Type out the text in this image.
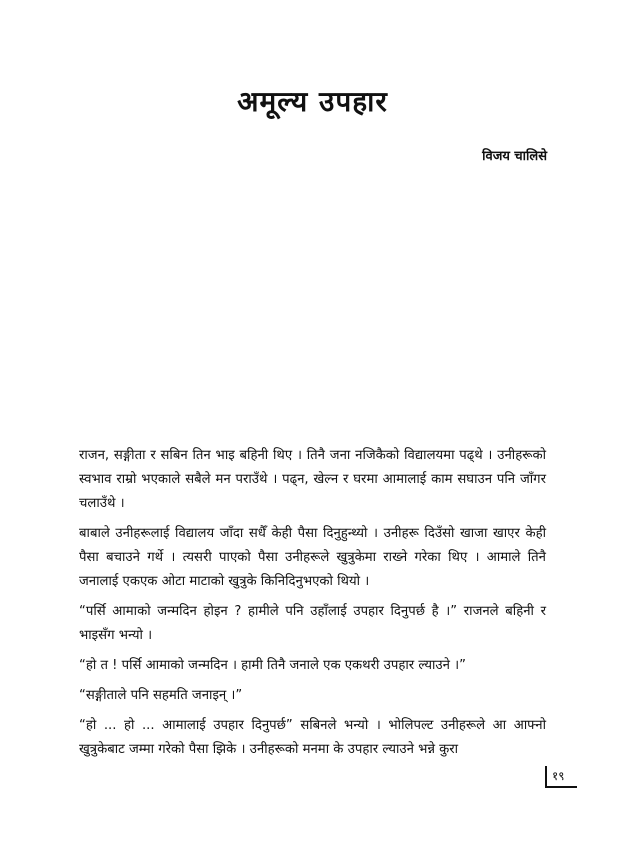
अमूल्य उपहार

विजय चालिसे

राजन, सङ्गीता र सबिन तिन भाइ बहिनी थिए । तिनै जना नजिकैको विद्यालयमा पढ्थे । उनीहरूको स्वभाव राम्रो भएकाले सबैले मन पराउँथे । पढ्न, खेल्न र घरमा आमालाई काम सघाउन पनि जाँगर चलाउँथे ।

बाबाले उनीहरूलाई विद्यालय जाँदा सधैँ केही पैसा दिनुहुन्थ्यो । उनीहरू दिउँसो खाजा खाएर केही पैसा बचाउने गर्थे । त्यसरी पाएको पैसा उनीहरूले खुत्रुकेमा राख्ने गरेका थिए । आमाले तिनै जनालाई एकएक ओटा माटाको खुत्रुके किनिदिनुभएको थियो ।

“पर्सि आमाको जन्मदिन होइन ? हामीले पनि उहाँलाई उपहार दिनुपर्छ है ।” राजनले बहिनी र भाइसँग भन्यो ।

“हो त ! पर्सि आमाको जन्मदिन । हामी तिनै जनाले एक एकथरी उपहार ल्याउने ।”

“सङ्गीताले पनि सहमति जनाइन् ।”

“हो ... हो ... आमालाई उपहार दिनुपर्छ” सबिनले भन्यो । भोलिपल्ट उनीहरूले आ आफ्नो खुत्रुकेबाट जम्मा गरेको पैसा झिके । उनीहरूको मनमा के उपहार ल्याउने भन्ने कुरा

१९
